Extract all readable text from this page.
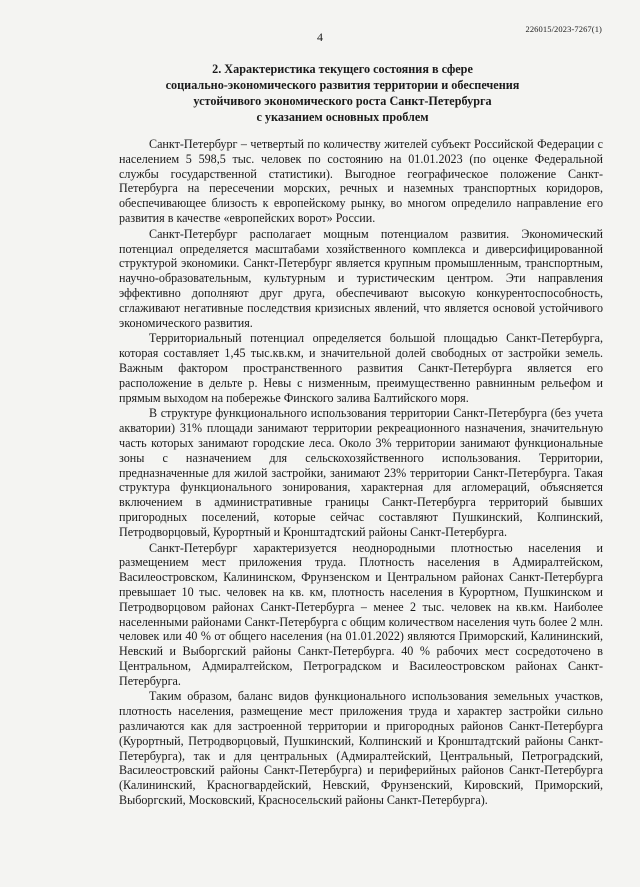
226015/2023-7267(1)
4
2. Характеристика текущего состояния в сфере
социально-экономического развития территории и обеспечения
устойчивого экономического роста Санкт-Петербурга
с указанием основных проблем

Санкт-Петербург – четвертый по количеству жителей субъект Российской Федерации с населением 5 598,5 тыс. человек по состоянию на 01.01.2023 (по оценке Федеральной службы государственной статистики). Выгодное географическое положение Санкт-Петербурга на пересечении морских, речных и наземных транспортных коридоров, обеспечивающее близость к европейскому рынку, во многом определило направление его развития в качестве «европейских ворот» России.

Санкт-Петербург располагает мощным потенциалом развития. Экономический потенциал определяется масштабами хозяйственного комплекса и диверсифицированной структурой экономики. Санкт-Петербург является крупным промышленным, транспортным, научно-образовательным, культурным и туристическим центром. Эти направления эффективно дополняют друг друга, обеспечивают высокую конкурентоспособность, сглаживают негативные последствия кризисных явлений, что является основой устойчивого экономического развития.

Территориальный потенциал определяется большой площадью Санкт-Петербурга, которая составляет 1,45 тыс.кв.км, и значительной долей свободных от застройки земель. Важным фактором пространственного развития Санкт-Петербурга является его расположение в дельте р. Невы с низменным, преимущественно равнинным рельефом и прямым выходом на побережье Финского залива Балтийского моря.

В структуре функционального использования территории Санкт-Петербурга (без учета акватории) 31% площади занимают территории рекреационного назначения, значительную часть которых занимают городские леса. Около 3% территории занимают функциональные зоны с назначением для сельскохозяйственного использования. Территории, предназначенные для жилой застройки, занимают 23% территории Санкт-Петербурга. Такая структура функционального зонирования, характерная для агломераций, объясняется включением в административные границы Санкт-Петербурга территорий бывших пригородных поселений, которые сейчас составляют Пушкинский, Колпинский, Петродворцовый, Курортный и Кронштадтский районы Санкт-Петербурга.

Санкт-Петербург характеризуется неоднородными плотностью населения и размещением мест приложения труда. Плотность населения в Адмиралтейском, Василеостровском, Калининском, Фрунзенском и Центральном районах Санкт-Петербурга превышает 10 тыс. человек на кв. км, плотность населения в Курортном, Пушкинском и Петродворцовом районах Санкт-Петербурга – менее 2 тыс. человек на кв.км. Наиболее населенными районами Санкт-Петербурга с общим количеством населения чуть более 2 млн. человек или 40 % от общего населения (на 01.01.2022) являются Приморский, Калининский, Невский и Выборгский районы Санкт-Петербурга. 40 % рабочих мест сосредоточено в Центральном, Адмиралтейском, Петроградском и Василеостровском районах Санкт-Петербурга.

Таким образом, баланс видов функционального использования земельных участков, плотность населения, размещение мест приложения труда и характер застройки сильно различаются как для застроенной территории и пригородных районов Санкт-Петербурга (Курортный, Петродворцовый, Пушкинский, Колпинский и Кронштадтский районы Санкт-Петербурга), так и для центральных (Адмиралтейский, Центральный, Петроградский, Василеостровский районы Санкт-Петербурга) и периферийных районов Санкт-Петербурга (Калининский, Красногвардейский, Невский, Фрунзенский, Кировский, Приморский, Выборгский, Московский, Красносельский районы Санкт-Петербурга).
